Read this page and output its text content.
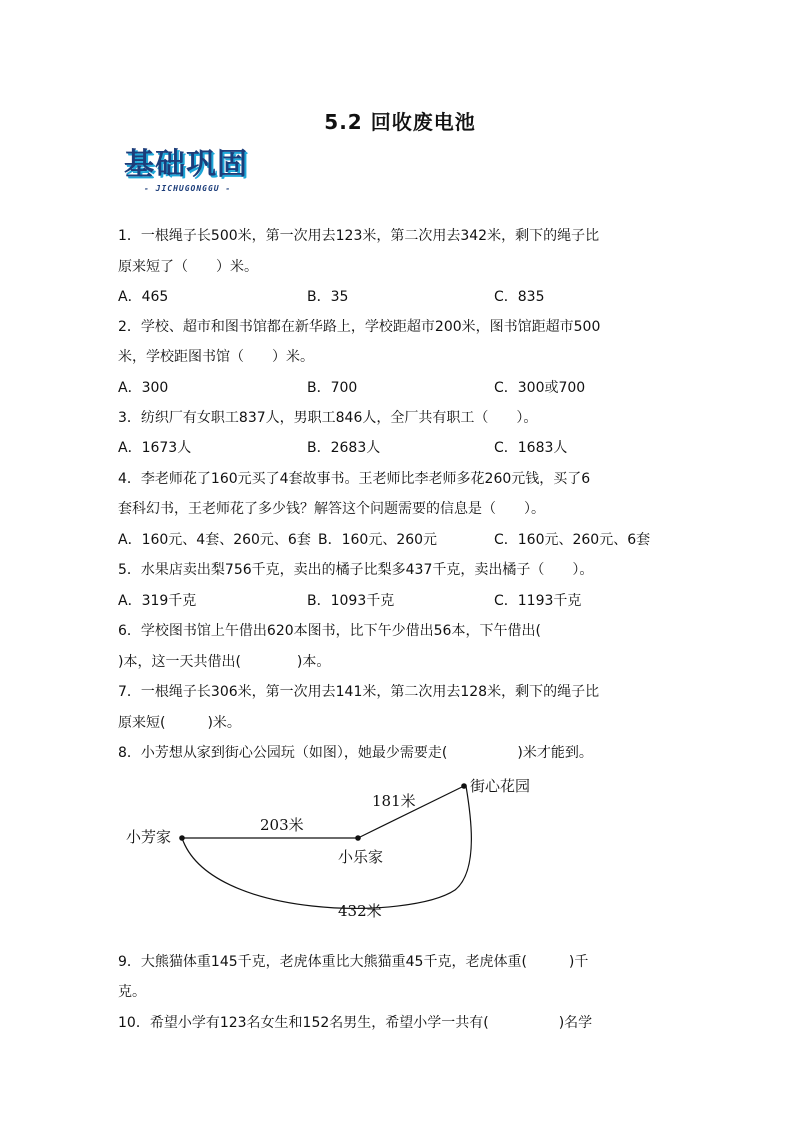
5.2 回收废电池
基础巩固
- JICHUGONGGU -
1．一根绳子长500米，第一次用去123米，第二次用去342米，剩下的绳子比
原来短了（　　）米。
A．465	B．35	C．835
2．学校、超市和图书馆都在新华路上，学校距超市200米，图书馆距超市500
米，学校距图书馆（　　）米。
A．300	B．700	C．300或700
3．纺织厂有女职工837人，男职工846人，全厂共有职工（　　）。
A．1673人	B．2683人	C．1683人
4．李老师花了160元买了4套故事书。王老师比李老师多花260元钱，买了6
套科幻书，王老师花了多少钱？解答这个问题需要的信息是（　　）。
A．160元、4套、260元、6套 B．160元、260元	C．160元、260元、6套
5．水果店卖出梨756千克，卖出的橘子比梨多437千克，卖出橘子（　　）。
A．319千克	B．1093千克	C．1193千克
6．学校图书馆上午借出620本图书，比下午少借出56本，下午借出(
)本，这一天共借出(　　　　)本。
7．一根绳子长306米，第一次用去141米，第二次用去128米，剩下的绳子比
原来短(　　　)米。
8．小芳想从家到街心公园玩（如图），她最少需要走(　　　　　)米才能到。
小芳家
小乐家
街心花园
203米
181米
432米
9．大熊猫体重145千克，老虎体重比大熊猫重45千克，老虎体重(　　　)千
克。
10．希望小学有123名女生和152名男生，希望小学一共有(　　　　　)名学
